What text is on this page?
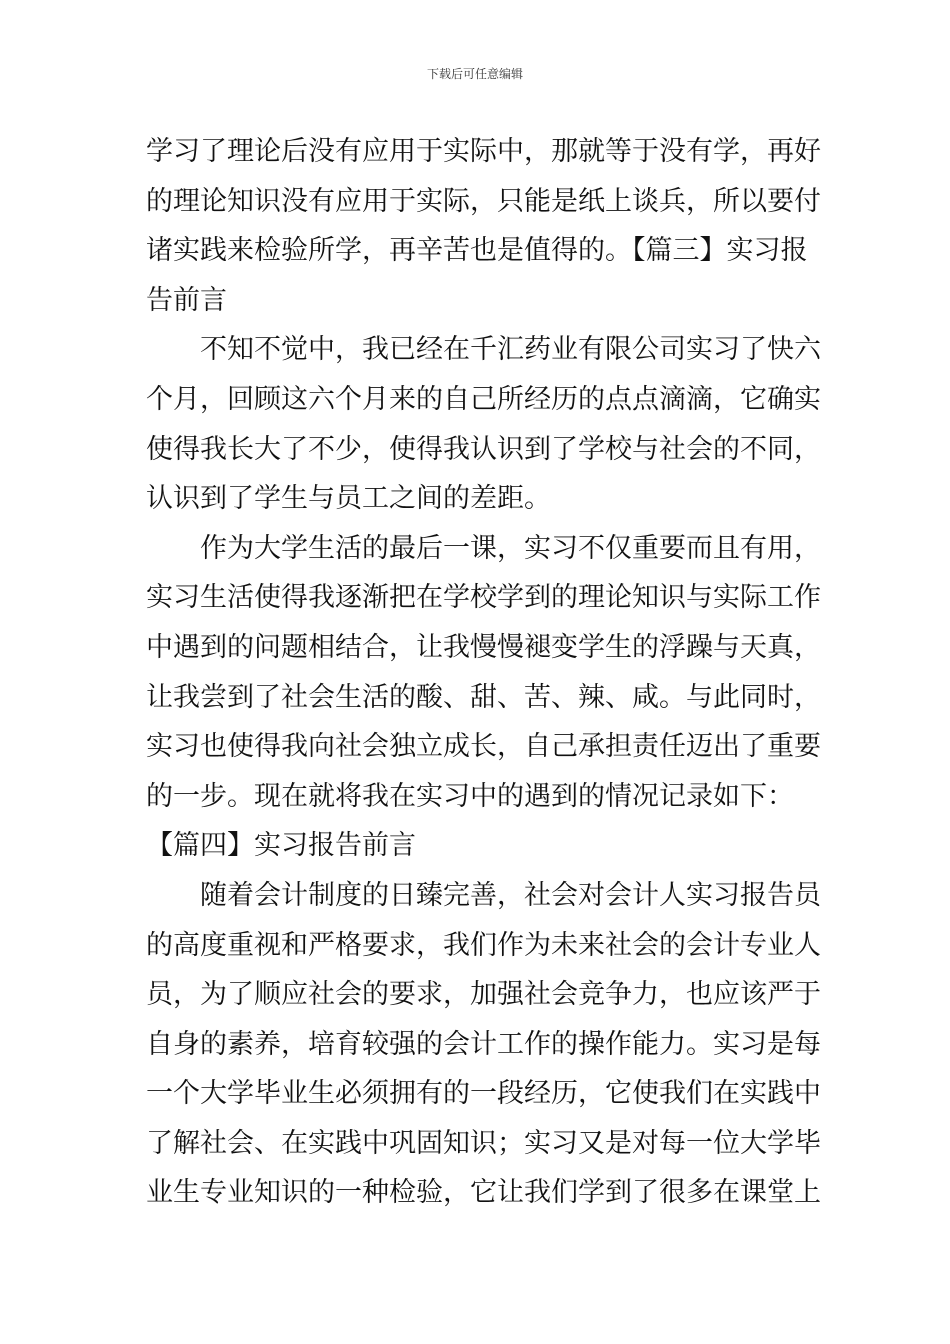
下载后可任意编辑
学习了理论后没有应用于实际中，那就等于没有学，再好
的理论知识没有应用于实际，只能是纸上谈兵，所以要付
诸实践来检验所学，再辛苦也是值得的。【篇三】实习报
告前言
不知不觉中，我已经在千汇药业有限公司实习了快六
个月，回顾这六个月来的自己所经历的点点滴滴，它确实
使得我长大了不少，使得我认识到了学校与社会的不同，
认识到了学生与员工之间的差距。
作为大学生活的最后一课，实习不仅重要而且有用，
实习生活使得我逐渐把在学校学到的理论知识与实际工作
中遇到的问题相结合，让我慢慢褪变学生的浮躁与天真，
让我尝到了社会生活的酸、甜、苦、辣、咸。与此同时，
实习也使得我向社会独立成长，自己承担责任迈出了重要
的一步。现在就将我在实习中的遇到的情况记录如下：
【篇四】实习报告前言
随着会计制度的日臻完善，社会对会计人实习报告员
的高度重视和严格要求，我们作为未来社会的会计专业人
员，为了顺应社会的要求，加强社会竞争力，也应该严于
自身的素养，培育较强的会计工作的操作能力。实习是每
一个大学毕业生必须拥有的一段经历，它使我们在实践中
了解社会、在实践中巩固知识；实习又是对每一位大学毕
业生专业知识的一种检验，它让我们学到了很多在课堂上
